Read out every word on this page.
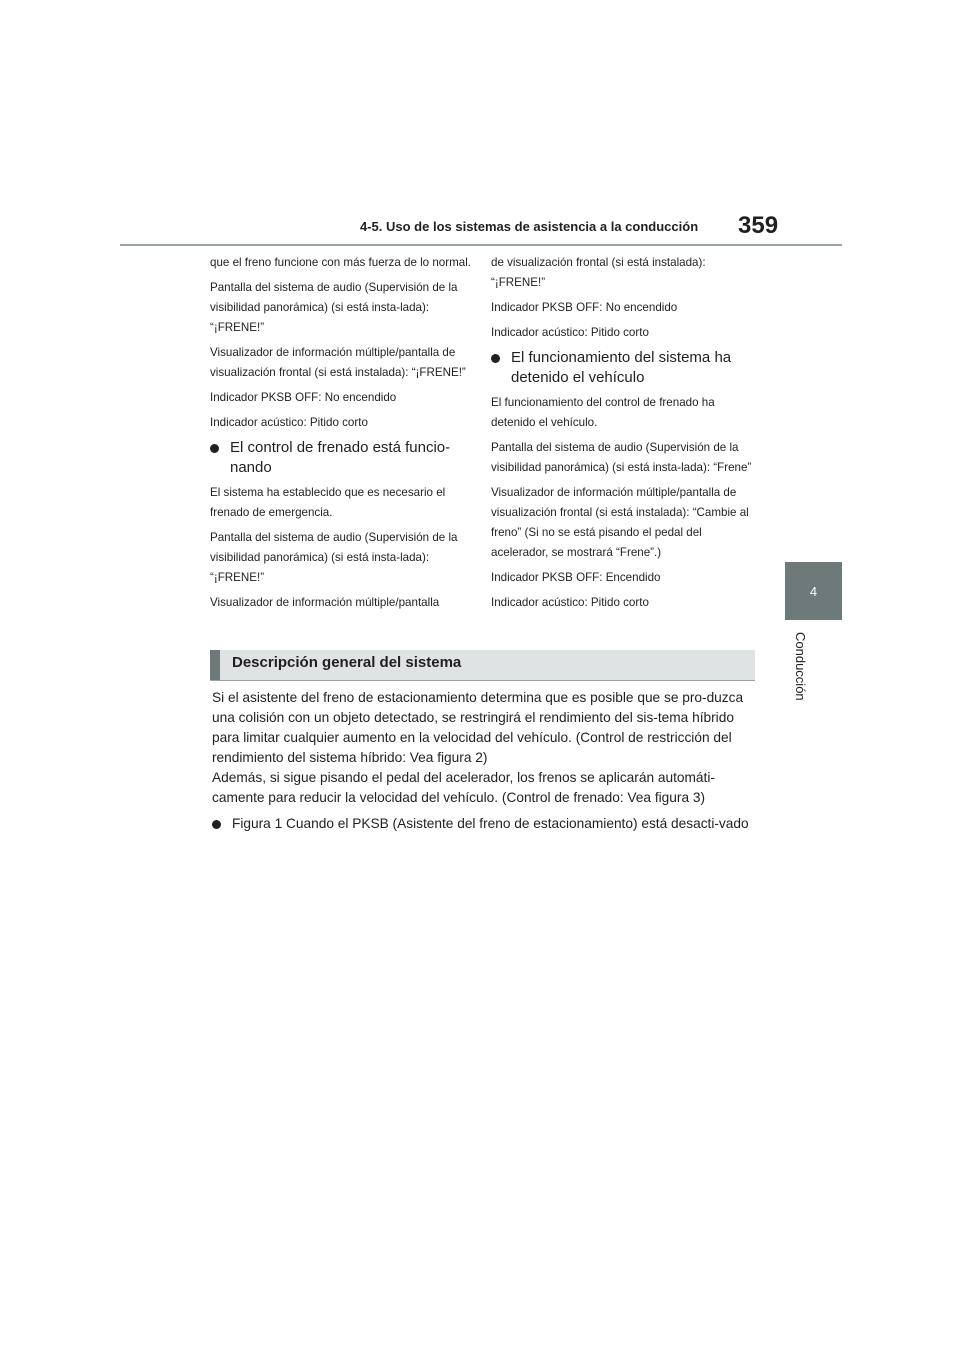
4-5. Uso de los sistemas de asistencia a la conducción 359
4
Conducción

que el freno funcione con más fuerza de lo normal.

Pantalla del sistema de audio (Supervisión de la visibilidad panorámica) (si está insta-lada): “¡FRENE!”

Visualizador de información múltiple/pantalla de visualización frontal (si está instalada): “¡FRENE!”

Indicador PKSB OFF: No encendido

Indicador acústico: Pitido corto

El control de frenado está funcio-nando

El sistema ha establecido que es necesario el frenado de emergencia.

Pantalla del sistema de audio (Supervisión de la visibilidad panorámica) (si está insta-lada): “¡FRENE!”

Visualizador de información múltiple/pantalla

de visualización frontal (si está instalada): “¡FRENE!”

Indicador PKSB OFF: No encendido

Indicador acústico: Pitido corto

El funcionamiento del sistema ha detenido el vehículo

El funcionamiento del control de frenado ha detenido el vehículo.

Pantalla del sistema de audio (Supervisión de la visibilidad panorámica) (si está insta-lada): “Frene”

Visualizador de información múltiple/pantalla de visualización frontal (si está instalada): “Cambie al freno” (Si no se está pisando el pedal del acelerador, se mostrará “Frene”.)

Indicador PKSB OFF: Encendido

Indicador acústico: Pitido corto

Descripción general del sistema

Si el asistente del freno de estacionamiento determina que es posible que se pro-duzca una colisión con un objeto detectado, se restringirá el rendimiento del sis-tema híbrido para limitar cualquier aumento en la velocidad del vehículo. (Control de restricción del rendimiento del sistema híbrido: Vea figura 2)

Además, si sigue pisando el pedal del acelerador, los frenos se aplicarán automáti-camente para reducir la velocidad del vehículo. (Control de frenado: Vea figura 3)

Figura 1 Cuando el PKSB (Asistente del freno de estacionamiento) está desacti-vado
